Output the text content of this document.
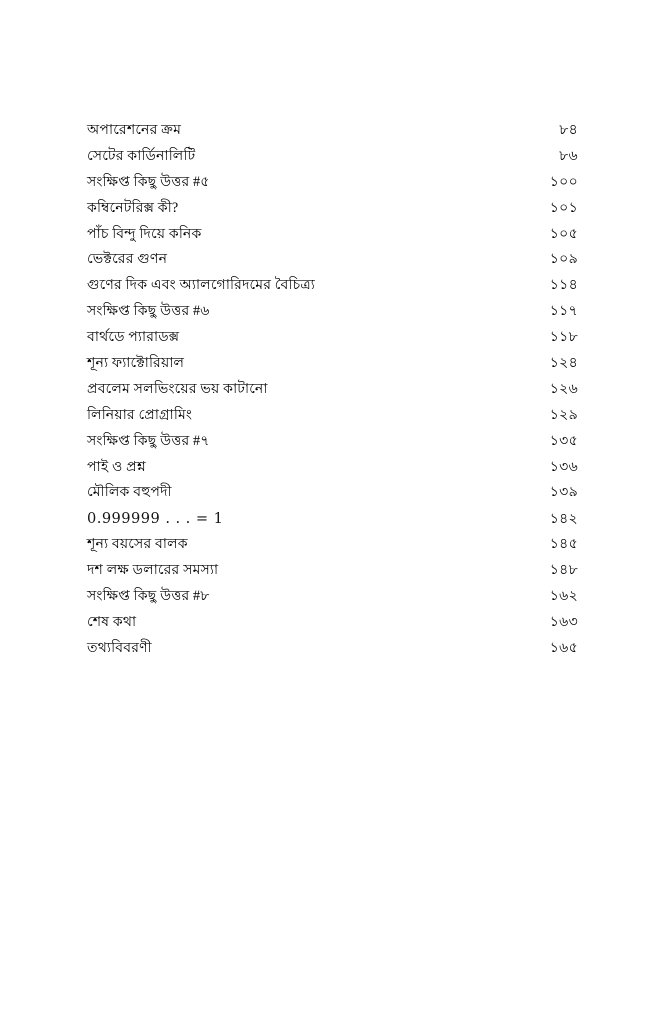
অপারেশনের ক্রম	৮৪
সেটের কার্ডিনালিটি	৮৬
সংক্ষিপ্ত কিছু উত্তর #৫	১০০
কম্বিনেটরিক্স কী?	১০১
পাঁচ বিন্দু দিয়ে কনিক	১০৫
ভেক্টরের গুণন	১০৯
গুণের দিক এবং অ্যালগোরিদমের বৈচিত্র্য	১১৪
সংক্ষিপ্ত কিছু উত্তর #৬	১১৭
বার্থডে প্যারাডক্স	১১৮
শূন্য ফ্যাক্টোরিয়াল	১২৪
প্রবলেম সলভিংয়ের ভয় কাটানো	১২৬
লিনিয়ার প্রোগ্রামিং	১২৯
সংক্ষিপ্ত কিছু উত্তর #৭	১৩৫
পাই ও প্রশ্ন	১৩৬
মৌলিক বহুপদী	১৩৯
0.999999 . . . = 1	১৪২
শূন্য বয়সের বালক	১৪৫
দশ লক্ষ ডলারের সমস্যা	১৪৮
সংক্ষিপ্ত কিছু উত্তর #৮	১৬২
শেষ কথা	১৬৩
তথ্যবিবরণী	১৬৫
